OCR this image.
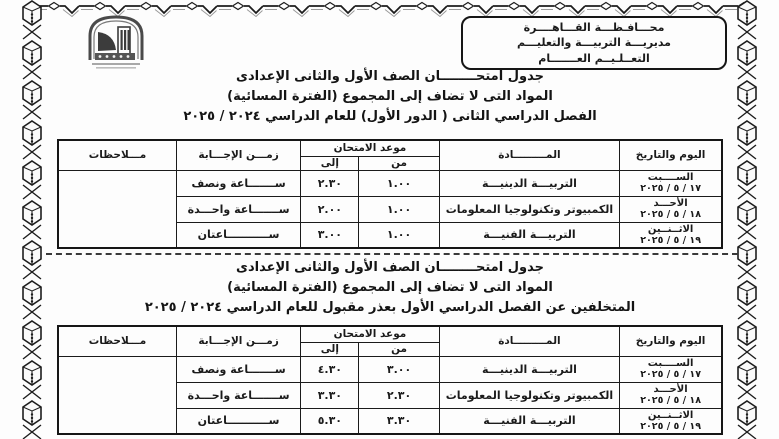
محـــافـظـــة القـــاهــــرة
مديريـــة التربيـــة والتعليـــم
التعــلـيــم العـــــــام
جدول امتحــــــــان الصف الأول والثانى الإعدادى
المواد التى لا تضاف إلى المجموع (الفترة المسائية)
الفصل الدراسي الثانى ( الدور الأول) للعام الدراسي ٢٠٢٤ / ٢٠٢٥
اليوم والتاريخ	المـــــــــادة	موعد الامتحان		زمـــن الإجـــابة	مـــلاحظات
		من	إلى		

الســــبت
١٧ / ٥ / ٢٠٢٥	التربيـــة الدينيـــة	١.٠٠	٢.٣٠	ســـــــاعة ونصف	

الأحـــد
١٨ / ٥ / ٢٠٢٥	الكمبيوتر وتكنولوجيا المعلومات	١.٠٠	٢.٠٠	ســـــــاعة واحـــدة	

الاثــنــين
١٩ / ٥ / ٢٠٢٥	التربيـــة الفنيـــة	١.٠٠	٣.٠٠	ســـــــــــاعتان	
جدول امتحــــــــان الصف الأول والثانى الإعدادى
المواد التى لا تضاف إلى المجموع (الفترة المسائية)
المتخلفين عن الفصل الدراسي الأول بعذر مقبول للعام الدراسي ٢٠٢٤ / ٢٠٢٥
اليوم والتاريخ	المـــــــــادة	موعد الامتحان		زمـــن الإجـــابة	مـــلاحظات
		من	إلى		

الســــبت
١٧ / ٥ / ٢٠٢٥	التربيـــة الدينيـــة	٣.٠٠	٤.٣٠	ســـــــاعة ونصف	

الأحـــد
١٨ / ٥ / ٢٠٢٥	الكمبيوتر وتكنولوجيا المعلومات	٢.٣٠	٣.٣٠	ســـــــاعة واحـــدة	

الاثــنــين
١٩ / ٥ / ٢٠٢٥	التربيـــة الفنيـــة	٣.٣٠	٥.٣٠	ســـــــــــاعتان	
